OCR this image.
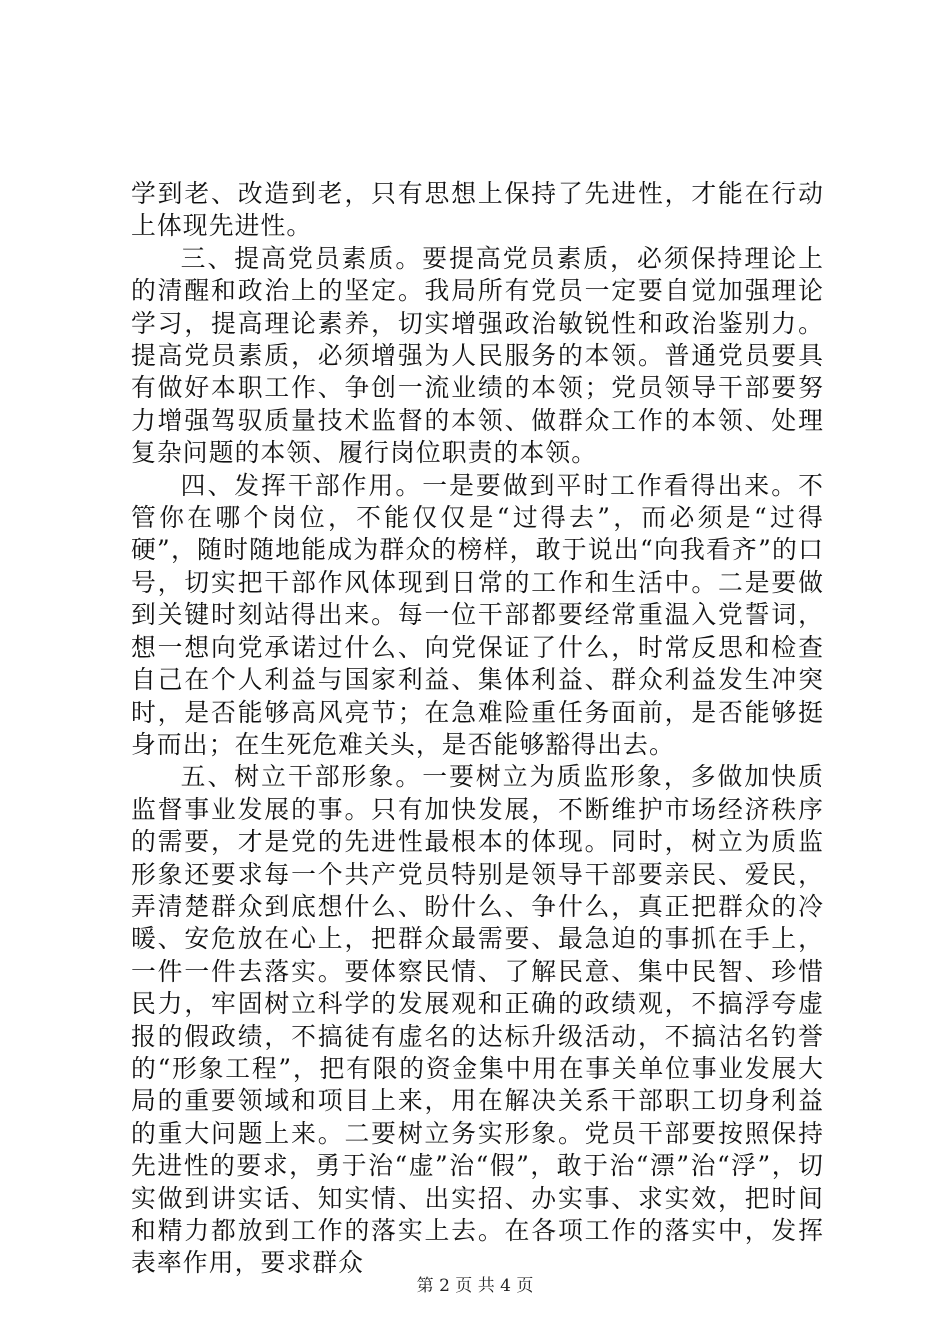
学到老、改造到老，只有思想上保持了先进性，才能在行动上体现先进性。

三、提高党员素质。要提高党员素质，必须保持理论上的清醒和政治上的坚定。我局所有党员一定要自觉加强理论学习，提高理论素养，切实增强政治敏锐性和政治鉴别力。提高党员素质，必须增强为人民服务的本领。普通党员要具有做好本职工作、争创一流业绩的本领；党员领导干部要努力增强驾驭质量技术监督的本领、做群众工作的本领、处理复杂问题的本领、履行岗位职责的本领。

四、发挥干部作用。一是要做到平时工作看得出来。不管你在哪个岗位，不能仅仅是“过得去”，而必须是“过得硬”，随时随地能成为群众的榜样，敢于说出“向我看齐”的口号，切实把干部作风体现到日常的工作和生活中。二是要做到关键时刻站得出来。每一位干部都要经常重温入党誓词，想一想向党承诺过什么、向党保证了什么，时常反思和检查自己在个人利益与国家利益、集体利益、群众利益发生冲突时，是否能够高风亮节；在急难险重任务面前，是否能够挺身而出；在生死危难关头，是否能够豁得出去。

五、树立干部形象。一要树立为质监形象，多做加快质监督事业发展的事。只有加快发展，不断维护市场经济秩序的需要，才是党的先进性最根本的体现。同时，树立为质监形象还要求每一个共产党员特别是领导干部要亲民、爱民，弄清楚群众到底想什么、盼什么、争什么，真正把群众的冷暖、安危放在心上，把群众最需要、最急迫的事抓在手上，一件一件去落实。要体察民情、了解民意、集中民智、珍惜民力，牢固树立科学的发展观和正确的政绩观，不搞浮夸虚报的假政绩，不搞徒有虚名的达标升级活动，不搞沽名钓誉的“形象工程”，把有限的资金集中用在事关单位事业发展大局的重要领域和项目上来，用在解决关系干部职工切身利益的重大问题上来。二要树立务实形象。党员干部要按照保持先进性的要求，勇于治“虚”治“假”，敢于治“漂”治“浮”，切实做到讲实话、知实情、出实招、办实事、求实效，把时间和精力都放到工作的落实上去。在各项工作的落实中，发挥表率作用，要求群众

第 2 页 共 4 页
